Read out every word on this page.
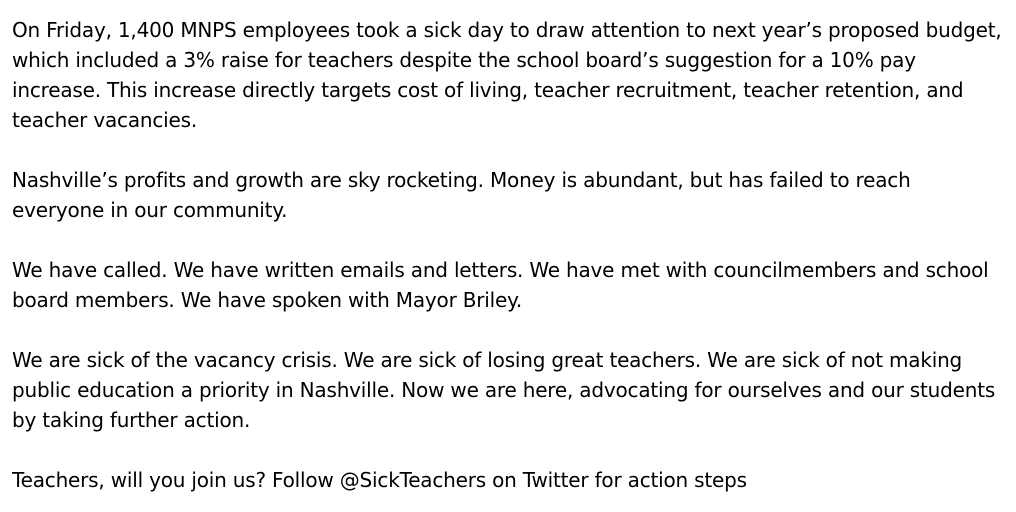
On Friday, 1,400 MNPS employees took a sick day to draw attention to next year’s proposed budget, which included a 3% raise for teachers despite the school board’s suggestion for a 10% pay increase. This increase directly targets cost of living, teacher recruitment, teacher retention, and teacher vacancies.

Nashville’s profits and growth are sky rocketing. Money is abundant, but has failed to reach everyone in our community.

We have called. We have written emails and letters. We have met with councilmembers and school board members. We have spoken with Mayor Briley.

We are sick of the vacancy crisis. We are sick of losing great teachers. We are sick of not making public education a priority in Nashville. Now we are here, advocating for ourselves and our students by taking further action.

Teachers, will you join us? Follow @SickTeachers on Twitter for action steps
